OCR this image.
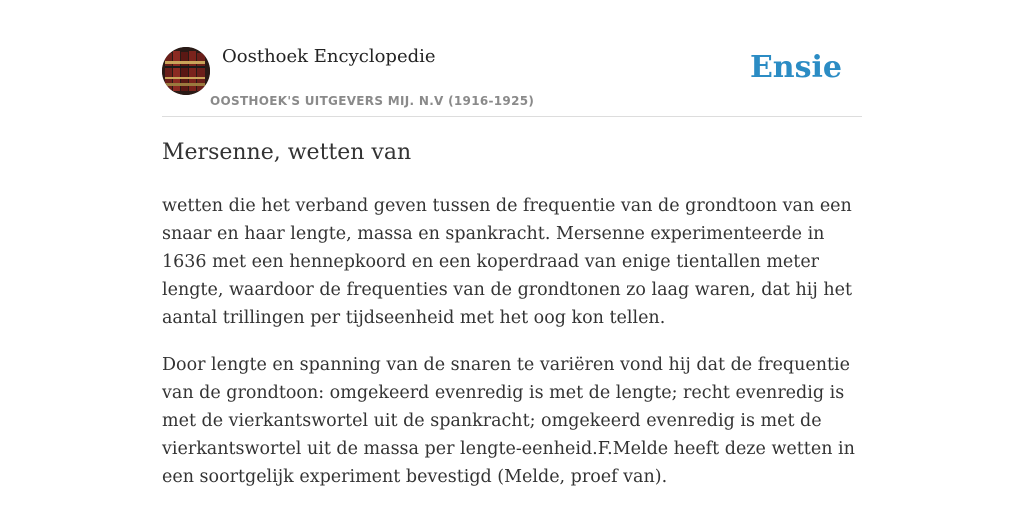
Oosthoek Encyclopedie
OOSTHOEK'S UITGEVERS MIJ. N.V (1916-1925)
Ensie
Mersenne, wetten van

wetten die het verband geven tussen de frequentie van de grondtoon van een snaar en haar lengte, massa en spankracht. Mersenne experimenteerde in 1636 met een hennepkoord en een koperdraad van enige tientallen meter lengte, waardoor de frequenties van de grondtonen zo laag waren, dat hij het aantal trillingen per tijdseenheid met het oog kon tellen.

Door lengte en spanning van de snaren te variëren vond hij dat de frequentie van de grondtoon: omgekeerd evenredig is met de lengte; recht evenredig is met de vierkantswortel uit de spankracht; omgekeerd evenredig is met de vierkantswortel uit de massa per lengte-eenheid.F.Melde heeft deze wetten in een soortgelijk experiment bevestigd (Melde, proef van).
